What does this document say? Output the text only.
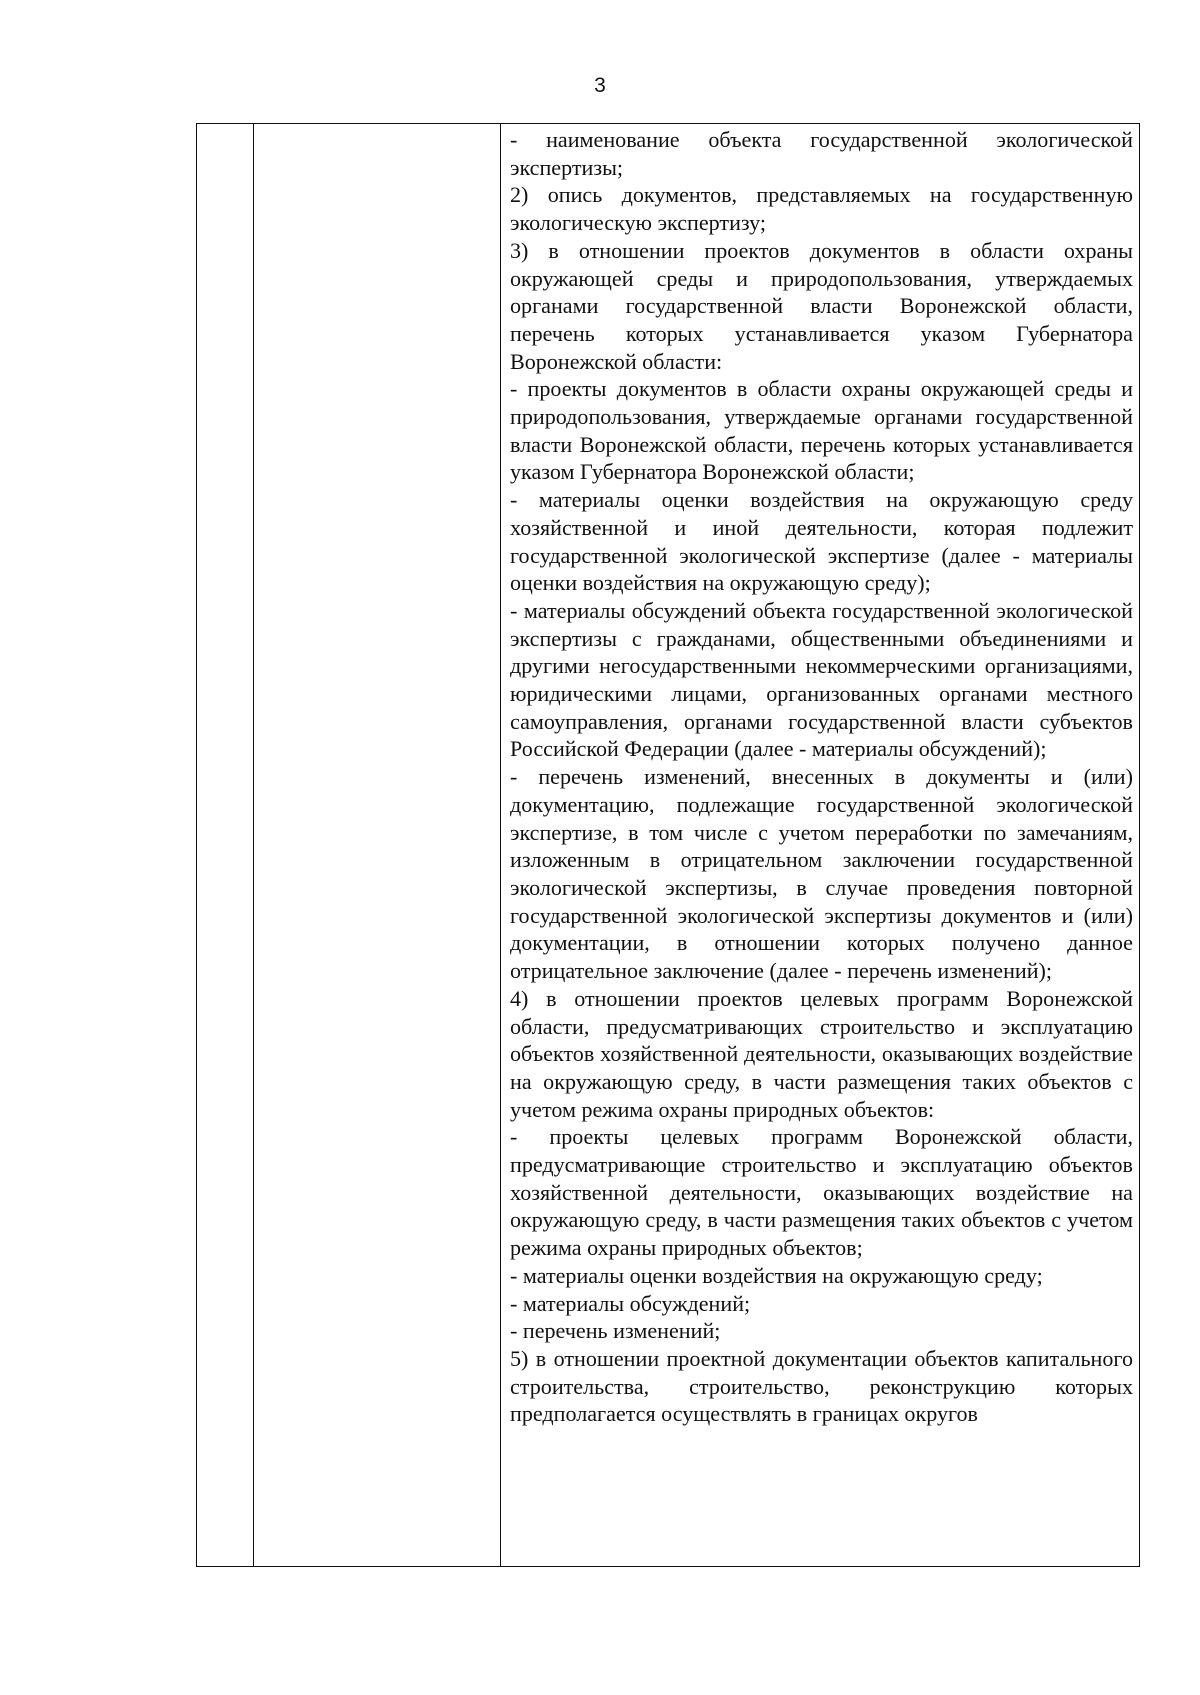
3

- наименование объекта государственной экологической экспертизы;

2) опись документов, представляемых на государственную экологическую экспертизу;

3) в отношении проектов документов в области охраны окружающей среды и природопользования, утверждаемых органами государственной власти Воронежской области, перечень которых устанавливается указом Губернатора Воронежской области:

- проекты документов в области охраны окружающей среды и природопользования, утверждаемые органами государственной власти Воронежской области, перечень которых устанавливается указом Губернатора Воронежской области;

- материалы оценки воздействия на окружающую среду хозяйственной и иной деятельности, которая подлежит государственной экологической экспертизе (далее - материалы оценки воздействия на окружающую среду);

- материалы обсуждений объекта государственной экологической экспертизы с гражданами, общественными объединениями и другими негосударственными некоммерческими организациями, юридическими лицами, организованных органами местного самоуправления, органами государственной власти субъектов Российской Федерации (далее - материалы обсуждений);

- перечень изменений, внесенных в документы и (или) документацию, подлежащие государственной экологической экспертизе, в том числе с учетом переработки по замечаниям, изложенным в отрицательном заключении государственной экологической экспертизы, в случае проведения повторной государственной экологической экспертизы документов и (или) документации, в отношении которых получено данное отрицательное заключение (далее - перечень изменений);

4) в отношении проектов целевых программ Воронежской области, предусматривающих строительство и эксплуатацию объектов хозяйственной деятельности, оказывающих воздействие на окружающую среду, в части размещения таких объектов с учетом режима охраны природных объектов:

- проекты целевых программ Воронежской области, предусматривающие строительство и эксплуатацию объектов хозяйственной деятельности, оказывающих воздействие на окружающую среду, в части размещения таких объектов с учетом режима охраны природных объектов;

- материалы оценки воздействия на окружающую среду;

- материалы обсуждений;

- перечень изменений;

5) в отношении проектной документации объектов капитального строительства, строительство, реконструкцию которых предполагается осуществлять в границах округов
